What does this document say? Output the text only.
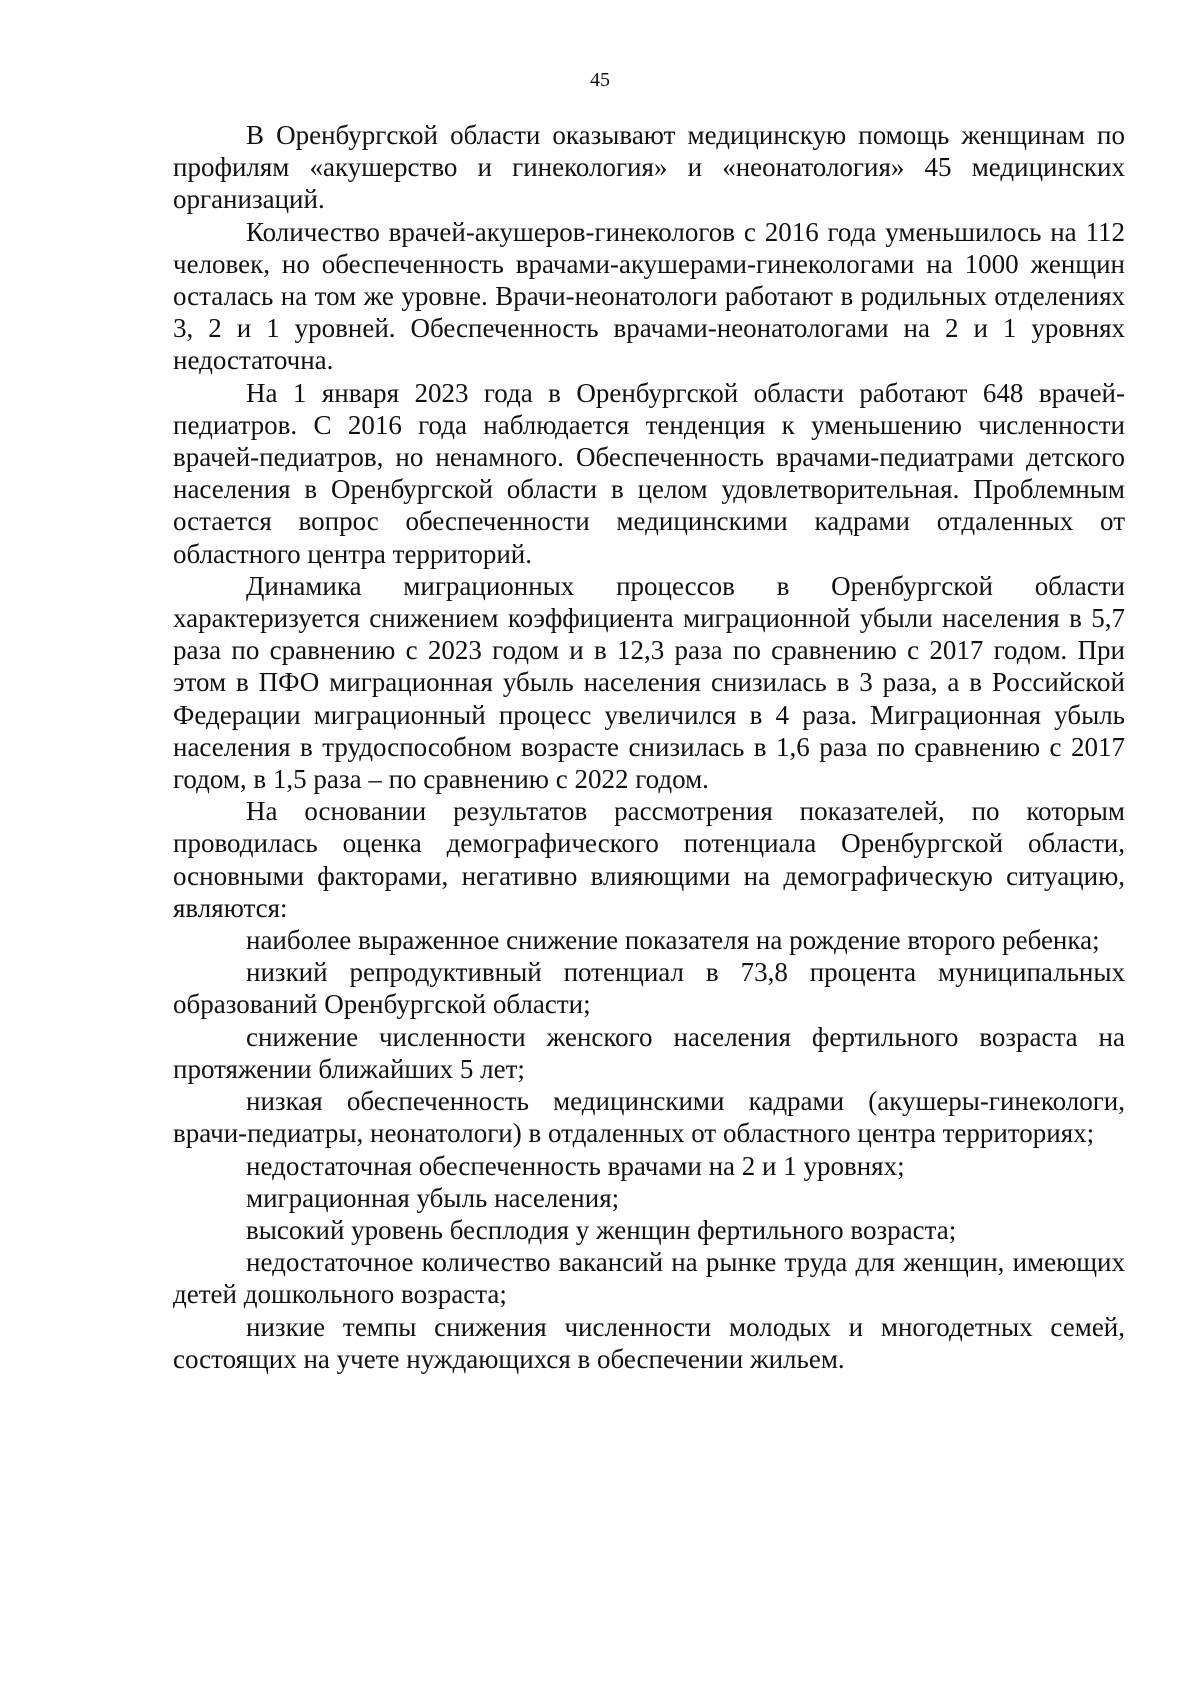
45

В Оренбургской области оказывают медицинскую помощь женщинам по профилям «акушерство и гинекология» и «неонатология» 45 медицинских организаций.

Количество врачей-акушеров-гинекологов с 2016 года уменьшилось на 112 человек, но обеспеченность врачами-акушерами-гинекологами на 1000 женщин осталась на том же уровне. Врачи-неонатологи работают в родильных отделениях 3, 2 и 1 уровней. Обеспеченность врачами-неонатологами на 2 и 1 уровнях недостаточна.

На 1 января 2023 года в Оренбургской области работают 648 врачей-педиатров. С 2016 года наблюдается тенденция к уменьшению численности врачей-педиатров, но ненамного. Обеспеченность врачами-педиатрами детского населения в Оренбургской области в целом удовлетворительная. Проблемным остается вопрос обеспеченности медицинскими кадрами отдаленных от областного центра территорий.

Динамика миграционных процессов в Оренбургской области характеризуется снижением коэффициента миграционной убыли населения в 5,7 раза по сравнению с 2023 годом и в 12,3 раза по сравнению с 2017 годом. При этом в ПФО миграционная убыль населения снизилась в 3 раза, а в Российской Федерации миграционный процесс увеличился в 4 раза. Миграционная убыль населения в трудоспособном возрасте снизилась в 1,6 раза по сравнению с 2017 годом, в 1,5 раза – по сравнению с 2022 годом.

На основании результатов рассмотрения показателей, по которым проводилась оценка демографического потенциала Оренбургской области, основными факторами, негативно влияющими на демографическую ситуацию, являются:

наиболее выраженное снижение показателя на рождение второго ребенка;

низкий репродуктивный потенциал в 73,8 процента муниципальных образований Оренбургской области;

снижение численности женского населения фертильного возраста на протяжении ближайших 5 лет;

низкая обеспеченность медицинскими кадрами (акушеры-гинекологи, врачи-педиатры, неонатологи) в отдаленных от областного центра территориях;

недостаточная обеспеченность врачами на 2 и 1 уровнях;

миграционная убыль населения;

высокий уровень бесплодия у женщин фертильного возраста;

недостаточное количество вакансий на рынке труда для женщин, имеющих детей дошкольного возраста;

низкие темпы снижения численности молодых и многодетных семей, состоящих на учете нуждающихся в обеспечении жильем.
